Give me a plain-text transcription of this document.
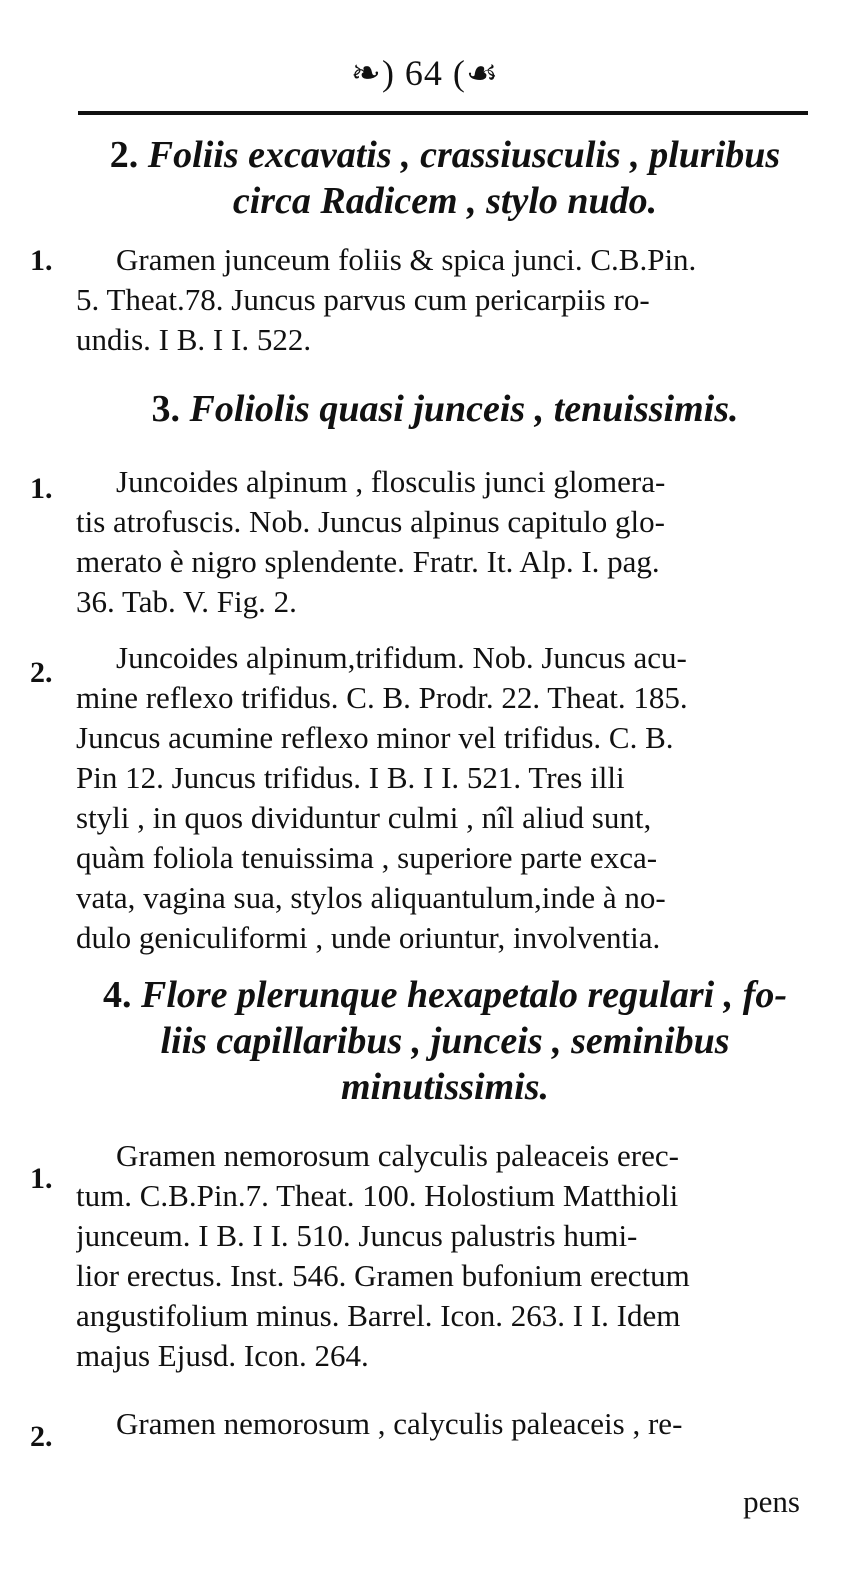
❧) 64 (☙
2. Foliis excavatis , crassiusculis , pluribus
circa Radicem , stylo nudo.
1.	Gramen junceum foliis & spica junci. C.B.Pin.
5. Theat.78. Juncus parvus cum pericarpiis ro-
undis. I B. I I. 522.
3. Foliolis quasi junceis , tenuissimis.
1.	Juncoides alpinum , flosculis junci glomera-
tis atrofuscis. Nob. Juncus alpinus capitulo glo-
merato è nigro splendente. Fratr. It. Alp. I. pag.
36. Tab. V. Fig. 2.
2.	Juncoides alpinum,trifidum. Nob. Juncus acu-
mine reflexo trifidus. C. B. Prodr. 22. Theat. 185.
Juncus acumine reflexo minor vel trifidus. C. B.
Pin 12. Juncus trifidus. I B. I I. 521. Tres illi
styli , in quos dividuntur culmi , nîl aliud sunt,
quàm foliola tenuissima , superiore parte exca-
vata, vagina sua, stylos aliquantulum,inde à no-
dulo geniculiformi , unde oriuntur, involventia.
4. Flore plerunque hexapetalo regulari , fo-
liis capillaribus , junceis , seminibus
minutissimis.
1.
Gramen nemorosum calyculis paleaceis erec-
tum. C.B.Pin.7. Theat. 100. Holostium Matthioli
junceum. I B. I I. 510. Juncus palustris humi-
lior erectus. Inst. 546. Gramen bufonium erectum
angustifolium minus. Barrel. Icon. 263. I I. Idem
majus Ejusd. Icon. 264.
2.	Gramen nemorosum , calyculis paleaceis , re-
pens
